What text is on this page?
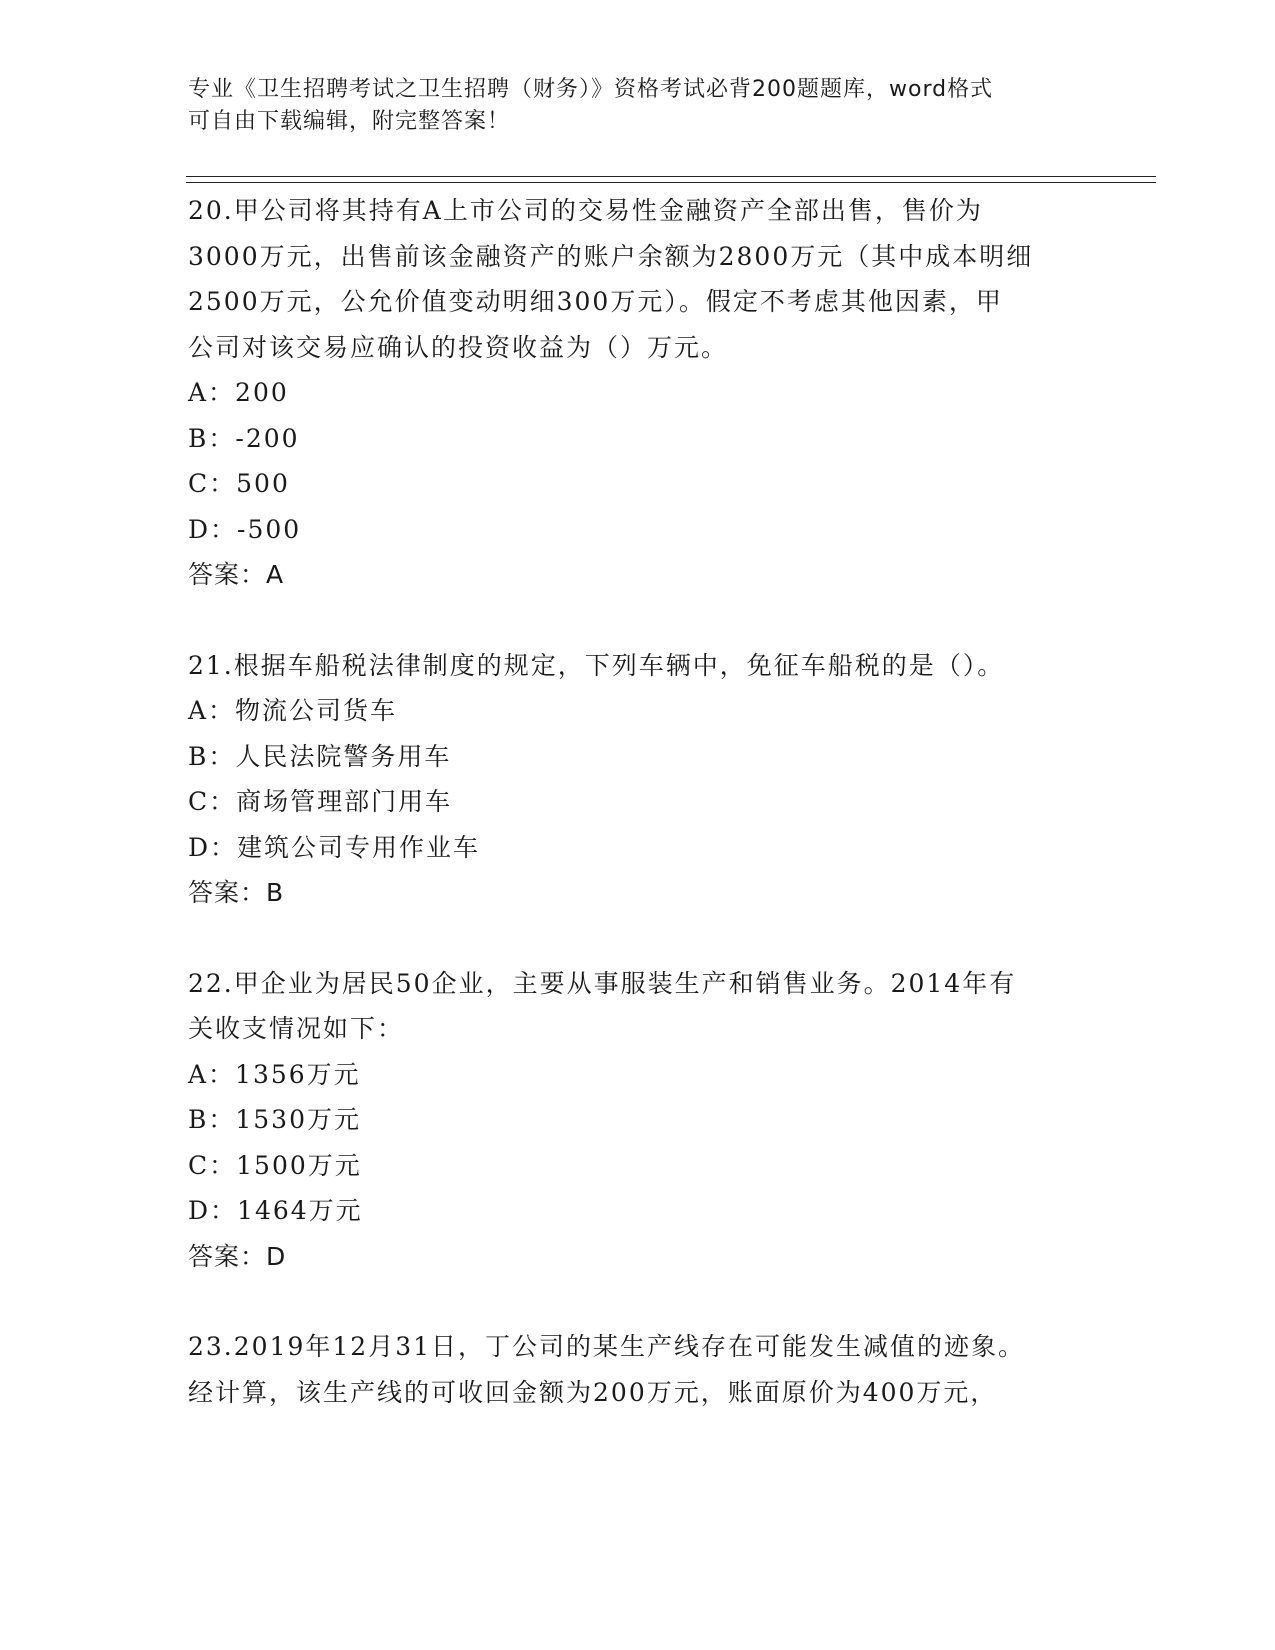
专业《卫生招聘考试之卫生招聘（财务）》资格考试必背200题题库，word格式
可自由下载编辑，附完整答案！
20.甲公司将其持有A上市公司的交易性金融资产全部出售，售价为
3000万元，出售前该金融资产的账户余额为2800万元（其中成本明细
2500万元，公允价值变动明细300万元）。假定不考虑其他因素，甲
公司对该交易应确认的投资收益为（）万元。
A：200
B：-200
C：500
D：-500
答案：A
21.根据车船税法律制度的规定，下列车辆中，免征车船税的是（）。
A：物流公司货车
B：人民法院警务用车
C：商场管理部门用车
D：建筑公司专用作业车
答案：B
22.甲企业为居民50企业，主要从事服装生产和销售业务。2014年有
关收支情况如下：
A：1356万元
B：1530万元
C：1500万元
D：1464万元
答案：D
23.2019年12月31日，丁公司的某生产线存在可能发生减值的迹象。
经计算，该生产线的可收回金额为200万元，账面原价为400万元，
